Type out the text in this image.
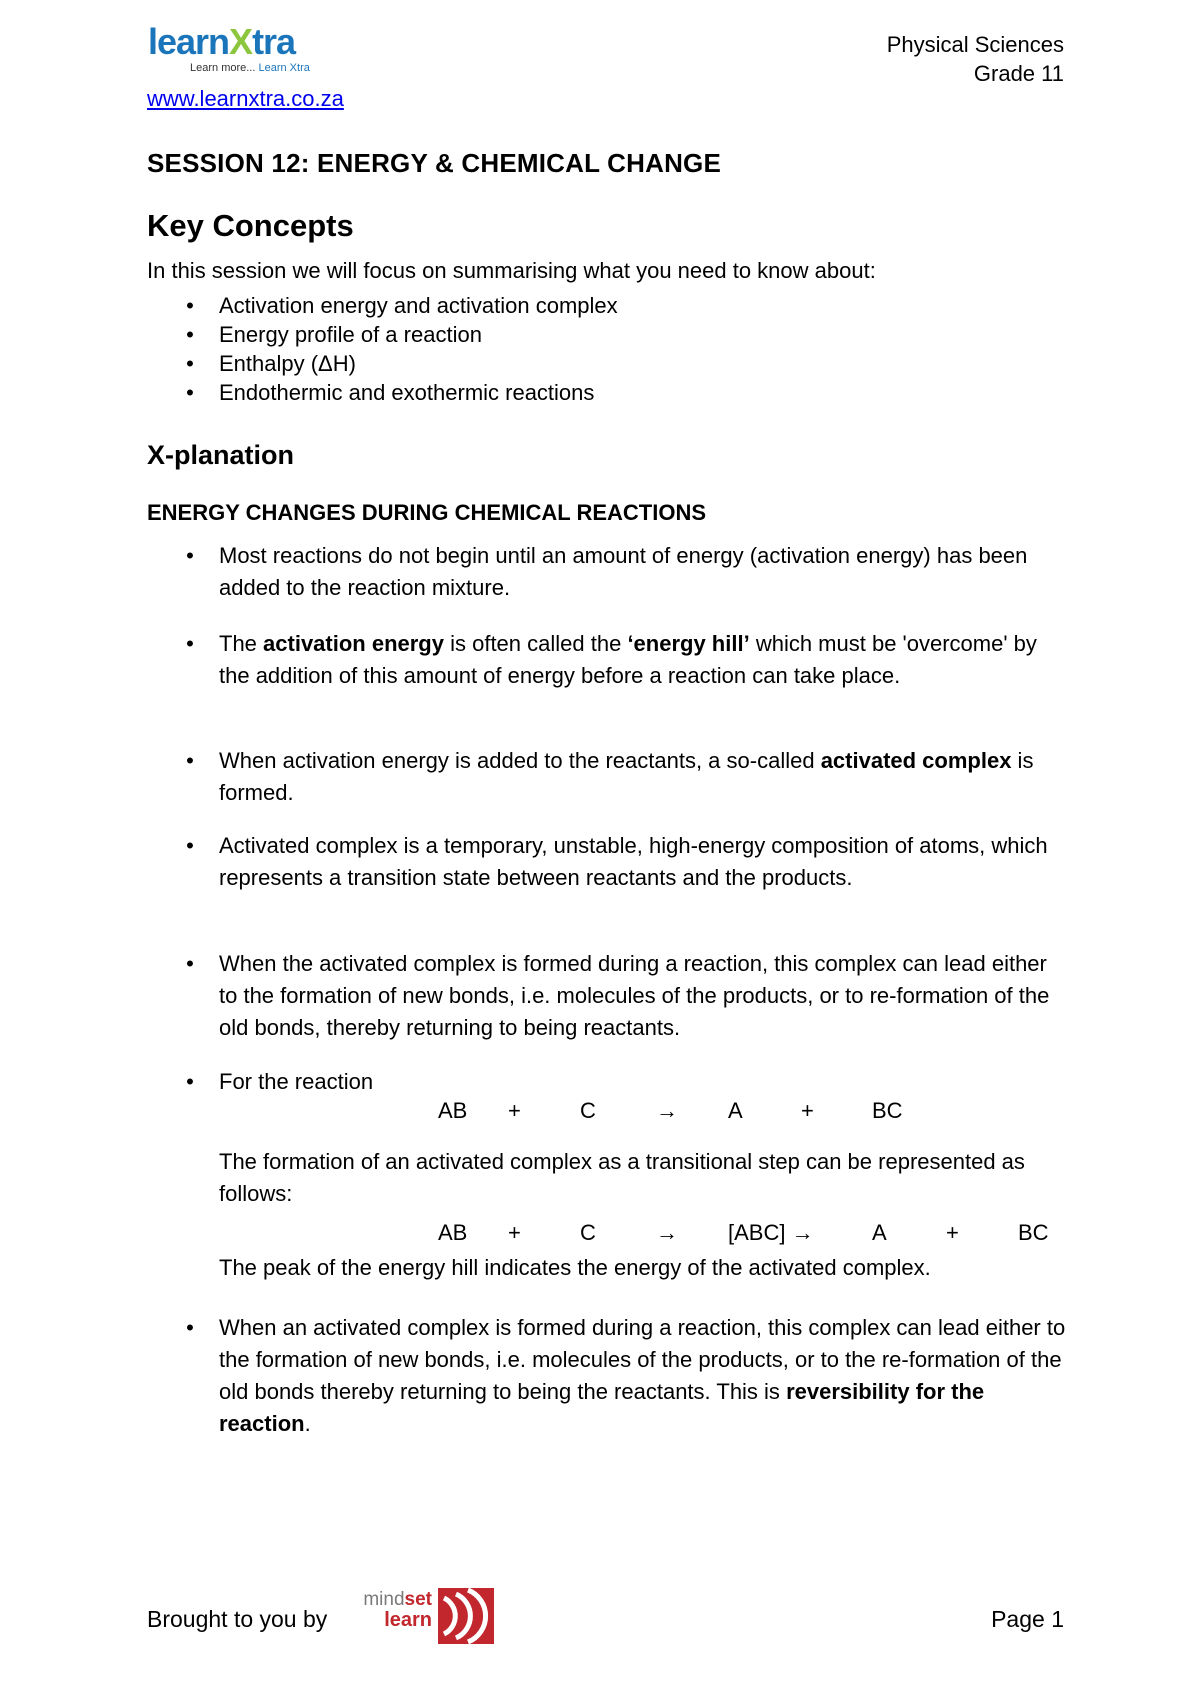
learnXtra
Learn more... Learn Xtra
www.learnxtra.co.za
Physical Sciences
Grade 11
SESSION 12: ENERGY & CHEMICAL CHANGE
Key Concepts
In this session we will focus on summarising what you need to know about:
• Activation energy and activation complex
• Energy profile of a reaction
• Enthalpy (ΔH)
• Endothermic and exothermic reactions
X-planation
ENERGY CHANGES DURING CHEMICAL REACTIONS
• Most reactions do not begin until an amount of energy (activation energy) has been added to the reaction mixture.
• The activation energy is often called the ‘energy hill’ which must be 'overcome' by the addition of this amount of energy before a reaction can take place.
• When activation energy is added to the reactants, a so-called activated complex is formed.
• Activated complex is a temporary, unstable, high-energy composition of atoms, which represents a transition state between reactants and the products.
• When the activated complex is formed during a reaction, this complex can lead either to the formation of new bonds, i.e. molecules of the products, or to re-formation of the old bonds, thereby returning to being reactants.
• For the reaction
AB +	C	→ A	+	BC
The formation of an activated complex as a transitional step can be represented as follows:
AB +	C	→ [ABC] →	A	+	BC
The peak of the energy hill indicates the energy of the activated complex.
• When an activated complex is formed during a reaction, this complex can lead either to the formation of new bonds, i.e. molecules of the products, or to the re-formation of the old bonds thereby returning to being the reactants. This is reversibility for the reaction.
Brought to you by
mindset
learn	Page 1
